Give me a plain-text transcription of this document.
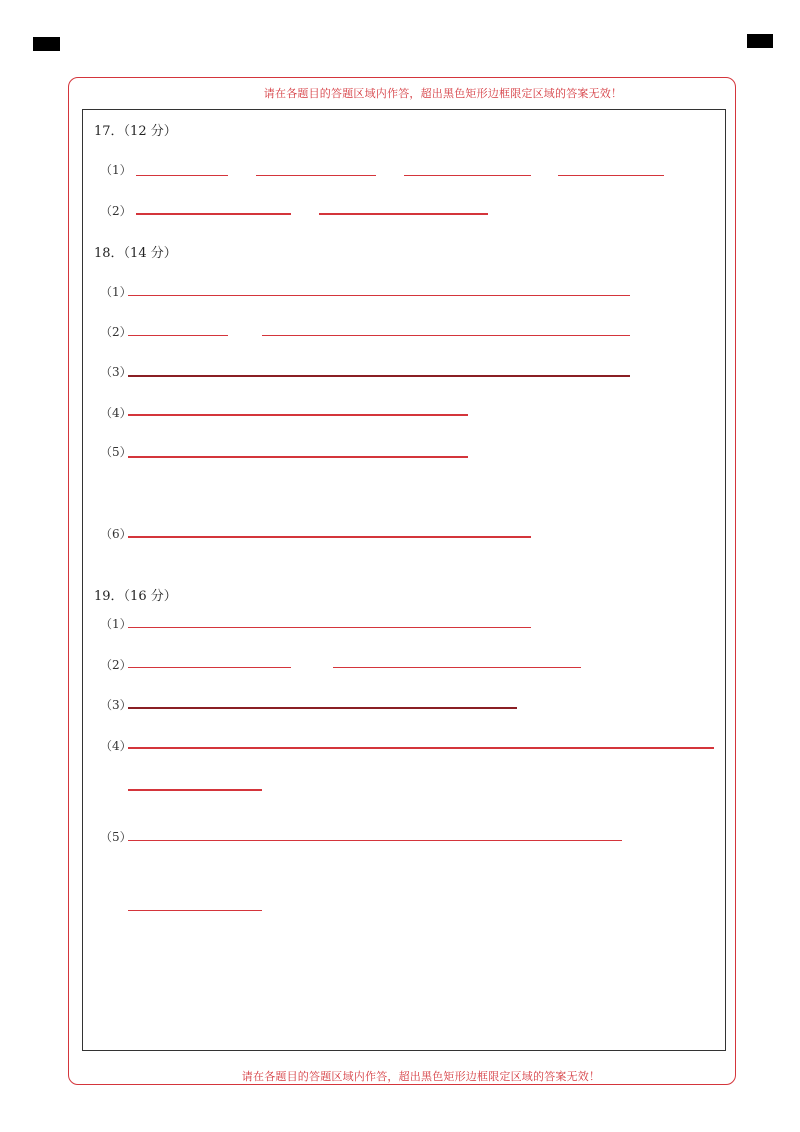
请在各题目的答题区域内作答，超出黑色矩形边框限定区域的答案无效！
请在各题目的答题区域内作答，超出黑色矩形边框限定区域的答案无效！
17．（12 分）
（1）
（2）
18．（14 分）
（1）
（2）
（3）
（4）
（5）
（6）
19．（16 分）
（1）
（2）
（3）
（4）
（5）
